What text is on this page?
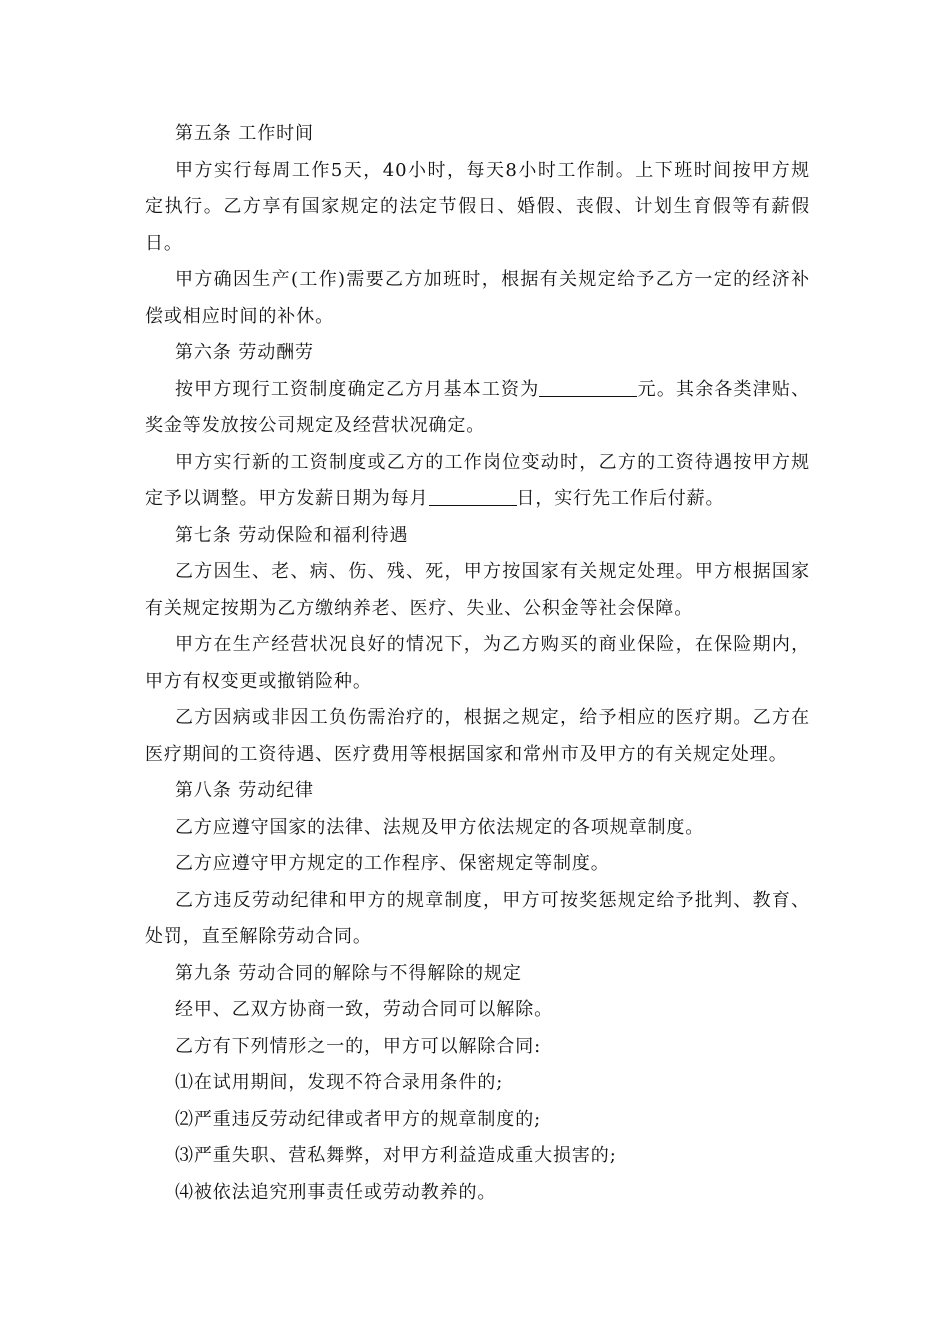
第五条 工作时间

甲方实行每周工作5天，40小时，每天8小时工作制。上下班时间按甲方规定执行。乙方享有国家规定的法定节假日、婚假、丧假、计划生育假等有薪假日。

甲方确因生产(工作)需要乙方加班时，根据有关规定给予乙方一定的经济补偿或相应时间的补休。

第六条 劳动酬劳

按甲方现行工资制度确定乙方月基本工资为	元。其余各类津贴、奖金等发放按公司规定及经营状况确定。

甲方实行新的工资制度或乙方的工作岗位变动时，乙方的工资待遇按甲方规定予以调整。甲方发薪日期为每月	日，实行先工作后付薪。

第七条 劳动保险和福利待遇

乙方因生、老、病、伤、残、死，甲方按国家有关规定处理。甲方根据国家有关规定按期为乙方缴纳养老、医疗、失业、公积金等社会保障。

甲方在生产经营状况良好的情况下，为乙方购买的商业保险，在保险期内，甲方有权变更或撤销险种。

乙方因病或非因工负伤需治疗的，根据之规定，给予相应的医疗期。乙方在医疗期间的工资待遇、医疗费用等根据国家和常州市及甲方的有关规定处理。

第八条 劳动纪律

乙方应遵守国家的法律、法规及甲方依法规定的各项规章制度。

乙方应遵守甲方规定的工作程序、保密规定等制度。

乙方违反劳动纪律和甲方的规章制度，甲方可按奖惩规定给予批判、教育、处罚，直至解除劳动合同。

第九条 劳动合同的解除与不得解除的规定

经甲、乙双方协商一致，劳动合同可以解除。

乙方有下列情形之一的，甲方可以解除合同:

⑴在试用期间，发现不符合录用条件的;

⑵严重违反劳动纪律或者甲方的规章制度的;

⑶严重失职、营私舞弊，对甲方利益造成重大损害的;

⑷被依法追究刑事责任或劳动教养的。
